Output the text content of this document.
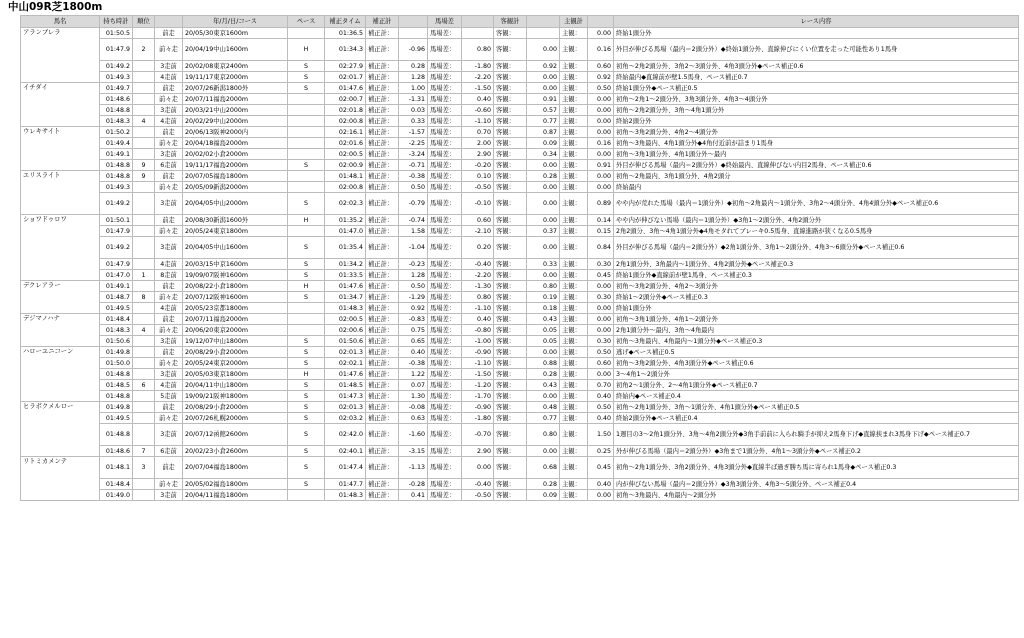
中山09R芝1800m
馬名	持ち時計	順位		年/月/日/コース	ペース	補正タイム	補正計		馬場差		客観計		主観計		レース内容
アランブレラ	01:50.5		前走	20/05/30東京1600m		01:36.5	補正計：		馬場差：		客観：		主観：	0.00	終始1頭分外
	01:47.9	2	前々走	20/04/19中山1600m	H	01:34.3	補正計：	-0.96	馬場差：	0.80	客観：	0.00	主観：	0.16	外目が伸びる馬場（最内＝2頭分外）◆終始1頭分外、直線伸びにくい位置を走った可能性あり1馬身
	01:49.2		3走前	20/02/08東京2400m	S	02:27.9	補正計：	0.28	馬場差：	-1.80	客観：	0.92	主観：	0.60	初角〜2角2頭分外、3角2〜3頭分外、4角3頭分外◆ペース補正0.6
	01:49.3		4走前	19/11/17東京2000m	S	02:01.7	補正計：	1.28	馬場差：	-2.20	客観：	0.00	主観：	0.92	終始最内◆直線前が壁1.5馬身、ペース補正0.7
イチダイ	01:49.7		前走	20/07/26新潟1800外	S	01:47.6	補正計：	1.00	馬場差：	-1.50	客観：	0.00	主観：	0.50	終始1頭分外◆ペース補正0.5
	01:48.6		前々走	20/07/11福島2000m		02:00.7	補正計：	-1.31	馬場差：	0.40	客観：	0.91	主観：	0.00	初角〜2角1〜2頭分外、3角3頭分外、4角3〜4頭分外
	01:48.8		3走前	20/03/21中山2000m		02:01.8	補正計：	0.03	馬場差：	-0.60	客観：	0.57	主観：	0.00	初角〜2角2頭分外、3角〜4角1頭分外
	01:48.3	4	4走前	20/02/29中山2000m		02:00.8	補正計：	0.33	馬場差：	-1.10	客観：	0.77	主観：	0.00	終始2頭分外
ウレキサイト	01:50.2		前走	20/06/13阪神2000内		02:16.1	補正計：	-1.57	馬場差：	0.70	客観：	0.87	主観：	0.00	初角〜3角2頭分外、4角2〜4頭分外
	01:49.4		前々走	20/04/18福島2000m		02:01.6	補正計：	-2.25	馬場差：	2.00	客観：	0.09	主観：	0.16	初角〜3角最内、4角1頭分外◆4角付近前が詰まり1馬身
	01:49.1		3走前	20/02/02小倉2000m		02:00.5	補正計：	-3.24	馬場差：	2.90	客観：	0.34	主観：	0.00	初角〜3角1頭分外、4角1頭分外〜最内
	01:48.8	9	6走前	19/11/17福島2000m	S	02:00.9	補正計：	-0.71	馬場差：	-0.20	客観：	0.00	主観：	0.91	外目が伸びる馬場（最内＝2頭分外）◆終始最内、直線伸びない内目2馬身、ペース補正0.6
エリスライト	01:48.8	9	前走	20/07/05福島1800m		01:48.1	補正計：	-0.38	馬場差：	0.10	客観：	0.28	主観：	0.00	初角〜2角最内、3角1頭分外、4角2頭分
	01:49.3		前々走	20/05/09新潟2000m		02:00.8	補正計：	0.50	馬場差：	-0.50	客観：	0.00	主観：	0.00	終始最内
	01:49.2		3走前	20/04/05中山2000m	S	02:02.3	補正計：	-0.79	馬場差：	-0.10	客観：	0.00	主観：	0.89	やや内が荒れた馬場（最内＝1頭分外）◆初角〜2角最内〜1頭分外、3角2〜4頭分外、4角4頭分外◆ペース補正0.6
ショワドゥロワ	01:50.1		前走	20/08/30新潟1600外	H	01:35.2	補正計：	-0.74	馬場差：	0.60	客観：	0.00	主観：	0.14	やや内が伸びない馬場（最内＝1頭分外）◆3角1〜2頭分外、4角2頭分外
	01:47.9		前々走	20/05/24東京1800m		01:47.0	補正計：	1.58	馬場差：	-2.10	客観：	0.37	主観：	0.15	2角2頭分、3角〜4角1頭分外◆4角モタれてブレーキ0.5馬身、直線進路が狭くなる0.5馬身
	01:49.2		3走前	20/04/05中山1600m	S	01:35.4	補正計：	-1.04	馬場差：	0.20	客観：	0.00	主観：	0.84	外目が伸びる馬場（最内＝2頭分外）◆2角1頭分外、3角1〜2頭分外、4角3〜6頭分外◆ペース補正0.6
	01:47.9		4走前	20/03/15中京1600m	S	01:34.2	補正計：	-0.23	馬場差：	-0.40	客観：	0.33	主観：	0.30	2角1頭分外、3角最内〜1頭分外、4角2頭分外◆ペース補正0.3
	01:47.0	1	8走前	19/09/07阪神1600m	S	01:33.5	補正計：	1.28	馬場差：	-2.20	客観：	0.00	主観：	0.45	終始1頭分外◆直線前が壁1馬身、ペース補正0.3
デクレアラー	01:49.1		前走	20/08/22小倉1800m	H	01:47.6	補正計：	0.50	馬場差：	-1.30	客観：	0.80	主観：	0.00	初角〜3角2頭分外、4角2〜3頭分外
	01:48.7	8	前々走	20/07/12阪神1600m	S	01:34.7	補正計：	-1.29	馬場差：	0.80	客観：	0.19	主観：	0.30	終始1〜2頭分外◆ペース補正0.3
	01:49.5		4走前	20/05/23京都1800m		01:48.3	補正計：	0.92	馬場差：	-1.10	客観：	0.18	主観：	0.00	終始1頭分外
デジマノハナ	01:48.4		前走	20/07/11福島2000m		02:00.5	補正計：	-0.83	馬場差：	0.40	客観：	0.43	主観：	0.00	初角〜3角1頭分外、4角1〜2頭分外
	01:48.3	4	前々走	20/06/20東京2000m		02:00.6	補正計：	0.75	馬場差：	-0.80	客観：	0.05	主観：	0.00	2角1頭分外〜最内、3角〜4角最内
	01:50.6		3走前	19/12/07中山1800m	S	01:50.6	補正計：	0.65	馬場差：	-1.00	客観：	0.05	主観：	0.30	初角〜3角最内、4角最内〜1頭分外◆ペース補正0.3
ハローユニコーン	01:49.8		前走	20/08/29小倉2000m	S	02:01.3	補正計：	0.40	馬場差：	-0.90	客観：	0.00	主観：	0.50	逃げ◆ペース補正0.5
	01:50.0		前々走	20/05/24東京2000m	S	02:02.1	補正計：	-0.38	馬場差：	-1.10	客観：	0.88	主観：	0.60	初角〜3角2頭分外、4角3頭分外◆ペース補正0.6
	01:48.8		3走前	20/05/03東京1800m	H	01:47.6	補正計：	1.22	馬場差：	-1.50	客観：	0.28	主観：	0.00	3〜4角1〜2頭分外
	01:48.5	6	4走前	20/04/11中山1800m	S	01:48.5	補正計：	0.07	馬場差：	-1.20	客観：	0.43	主観：	0.70	初角2〜1頭分外、2〜4角1頭分外◆ペース補正0.7
	01:48.8		5走前	19/09/21阪神1800m	S	01:47.3	補正計：	1.30	馬場差：	-1.70	客観：	0.00	主観：	0.40	終始内◆ペース補正0.4
ヒラボクメルロー	01:49.8		前走	20/08/29小倉2000m	S	02:01.3	補正計：	-0.08	馬場差：	-0.90	客観：	0.48	主観：	0.50	初角〜2角1頭分外、3角〜1頭分外、4角1頭分外◆ペース補正0.5
	01:49.5		前々走	20/07/26札幌2000m	S	02:03.2	補正計：	0.63	馬場差：	-1.80	客観：	0.77	主観：	0.40	終始2頭分外◆ペース補正0.4
	01:48.8		3走前	20/07/12函館2600m	S	02:42.0	補正計：	-1.60	馬場差：	-0.70	客観：	0.80	主観：	1.50	1週目の3〜2角1頭分外、3角〜4角2頭分外◆3角手前前に入られ騎手が抑え2馬身下げ◆直線挟まれ3馬身下げ◆ペース補正0.7
	01:48.6	7	6走前	20/02/23小倉2600m	S	02:40.1	補正計：	-3.15	馬場差：	2.90	客観：	0.00	主観：	0.25	外が伸びる馬場（最内＝2頭分外）◆3角まで1頭分外、4角1〜3頭分外◆ペース補正0.2
リトミカメンテ	01:48.1	3	前走	20/07/04福島1800m	S	01:47.4	補正計：	-1.13	馬場差：	0.00	客観：	0.68	主観：	0.45	初角〜2角1頭分外、3角2頭分外、4角3頭分外◆直線半ば過ぎ勝ち馬に寄られ1馬身◆ペース補正0.3
	01:48.4		前々走	20/05/02福島1800m	S	01:47.7	補正計：	-0.28	馬場差：	-0.40	客観：	0.28	主観：	0.40	内が伸びない馬場（最内＝2頭分外）◆3角3頭分外、4角3〜5頭分外、ペース補正0.4
	01:49.0		3走前	20/04/11福島1800m		01:48.3	補正計：	0.41	馬場差：	-0.50	客観：	0.09	主観：	0.00	初角〜3角最内、4角最内〜2頭分外
